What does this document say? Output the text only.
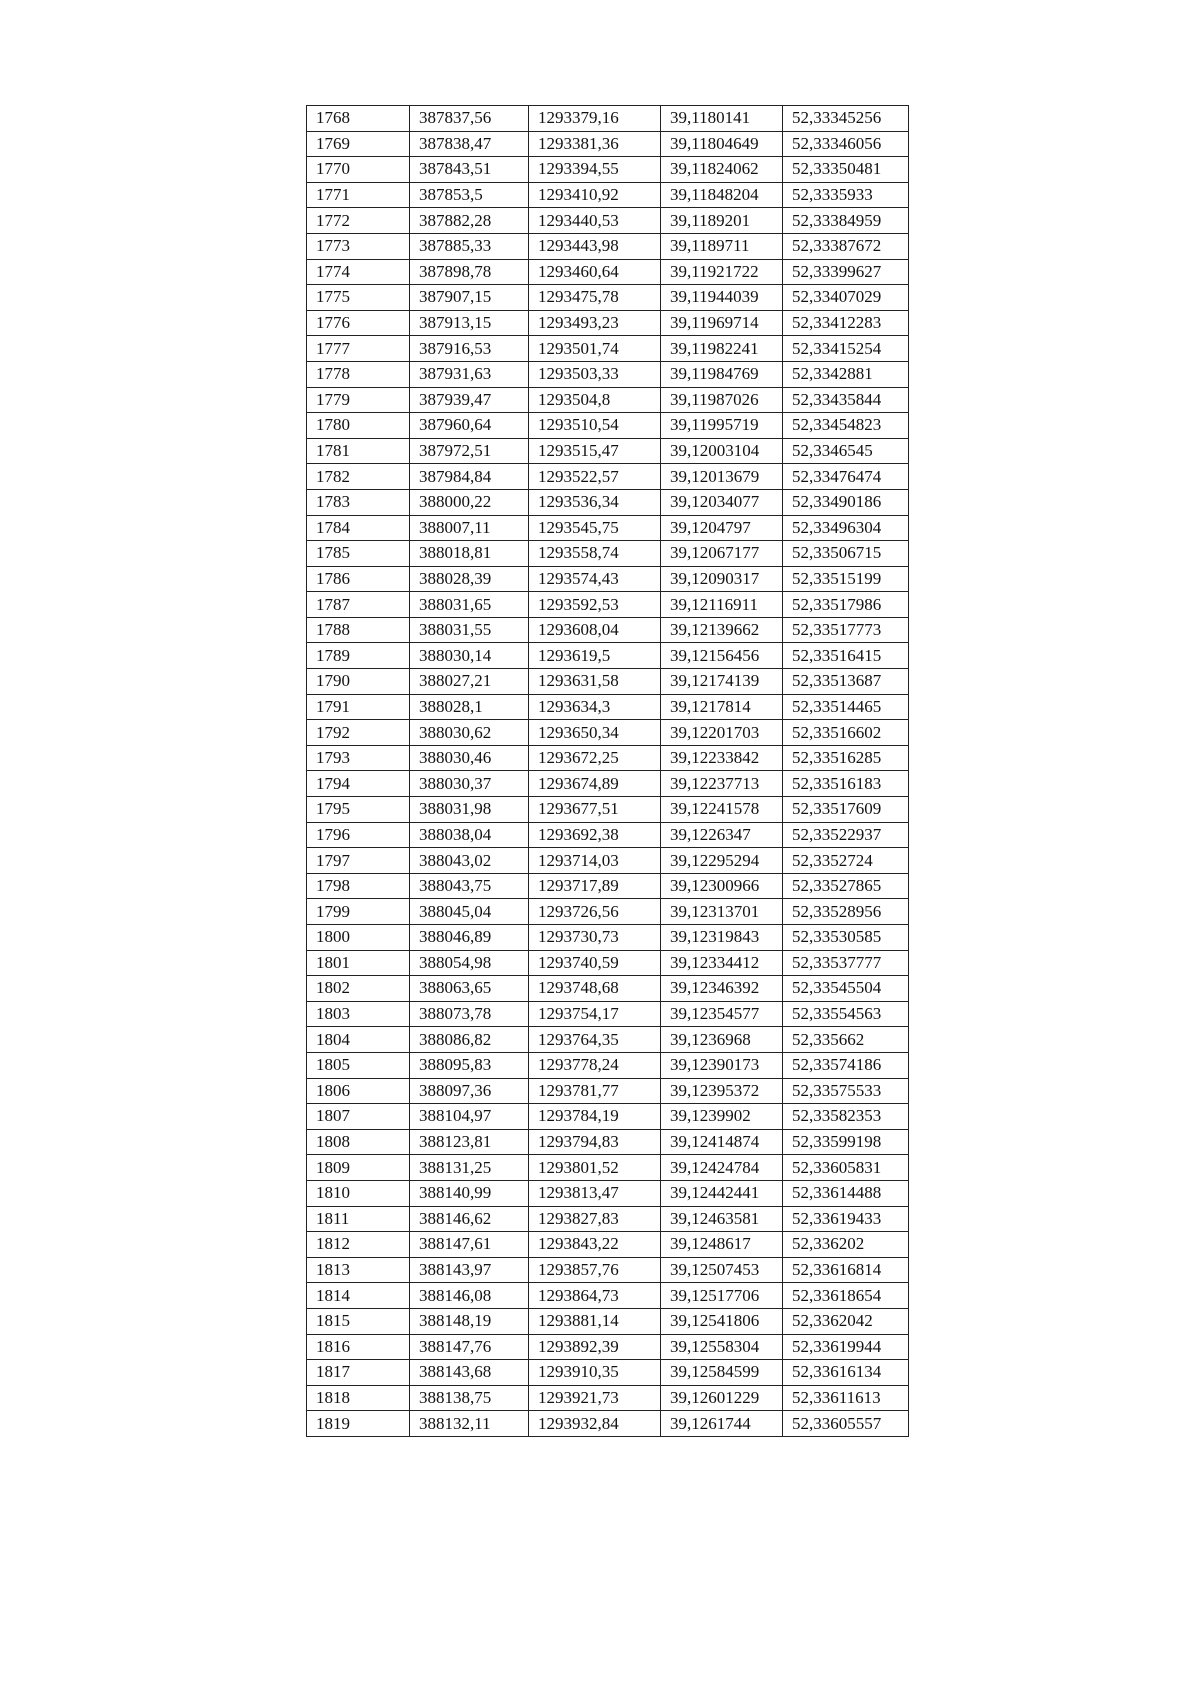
1768	387837,56	1293379,16	39,1180141	52,33345256
1769	387838,47	1293381,36	39,11804649	52,33346056
1770	387843,51	1293394,55	39,11824062	52,33350481
1771	387853,5	1293410,92	39,11848204	52,3335933
1772	387882,28	1293440,53	39,1189201	52,33384959
1773	387885,33	1293443,98	39,1189711	52,33387672
1774	387898,78	1293460,64	39,11921722	52,33399627
1775	387907,15	1293475,78	39,11944039	52,33407029
1776	387913,15	1293493,23	39,11969714	52,33412283
1777	387916,53	1293501,74	39,11982241	52,33415254
1778	387931,63	1293503,33	39,11984769	52,3342881
1779	387939,47	1293504,8	39,11987026	52,33435844
1780	387960,64	1293510,54	39,11995719	52,33454823
1781	387972,51	1293515,47	39,12003104	52,3346545
1782	387984,84	1293522,57	39,12013679	52,33476474
1783	388000,22	1293536,34	39,12034077	52,33490186
1784	388007,11	1293545,75	39,1204797	52,33496304
1785	388018,81	1293558,74	39,12067177	52,33506715
1786	388028,39	1293574,43	39,12090317	52,33515199
1787	388031,65	1293592,53	39,12116911	52,33517986
1788	388031,55	1293608,04	39,12139662	52,33517773
1789	388030,14	1293619,5	39,12156456	52,33516415
1790	388027,21	1293631,58	39,12174139	52,33513687
1791	388028,1	1293634,3	39,1217814	52,33514465
1792	388030,62	1293650,34	39,12201703	52,33516602
1793	388030,46	1293672,25	39,12233842	52,33516285
1794	388030,37	1293674,89	39,12237713	52,33516183
1795	388031,98	1293677,51	39,12241578	52,33517609
1796	388038,04	1293692,38	39,1226347	52,33522937
1797	388043,02	1293714,03	39,12295294	52,3352724
1798	388043,75	1293717,89	39,12300966	52,33527865
1799	388045,04	1293726,56	39,12313701	52,33528956
1800	388046,89	1293730,73	39,12319843	52,33530585
1801	388054,98	1293740,59	39,12334412	52,33537777
1802	388063,65	1293748,68	39,12346392	52,33545504
1803	388073,78	1293754,17	39,12354577	52,33554563
1804	388086,82	1293764,35	39,1236968	52,335662
1805	388095,83	1293778,24	39,12390173	52,33574186
1806	388097,36	1293781,77	39,12395372	52,33575533
1807	388104,97	1293784,19	39,1239902	52,33582353
1808	388123,81	1293794,83	39,12414874	52,33599198
1809	388131,25	1293801,52	39,12424784	52,33605831
1810	388140,99	1293813,47	39,12442441	52,33614488
1811	388146,62	1293827,83	39,12463581	52,33619433
1812	388147,61	1293843,22	39,1248617	52,336202
1813	388143,97	1293857,76	39,12507453	52,33616814
1814	388146,08	1293864,73	39,12517706	52,33618654
1815	388148,19	1293881,14	39,12541806	52,3362042
1816	388147,76	1293892,39	39,12558304	52,33619944
1817	388143,68	1293910,35	39,12584599	52,33616134
1818	388138,75	1293921,73	39,12601229	52,33611613
1819	388132,11	1293932,84	39,1261744	52,33605557
